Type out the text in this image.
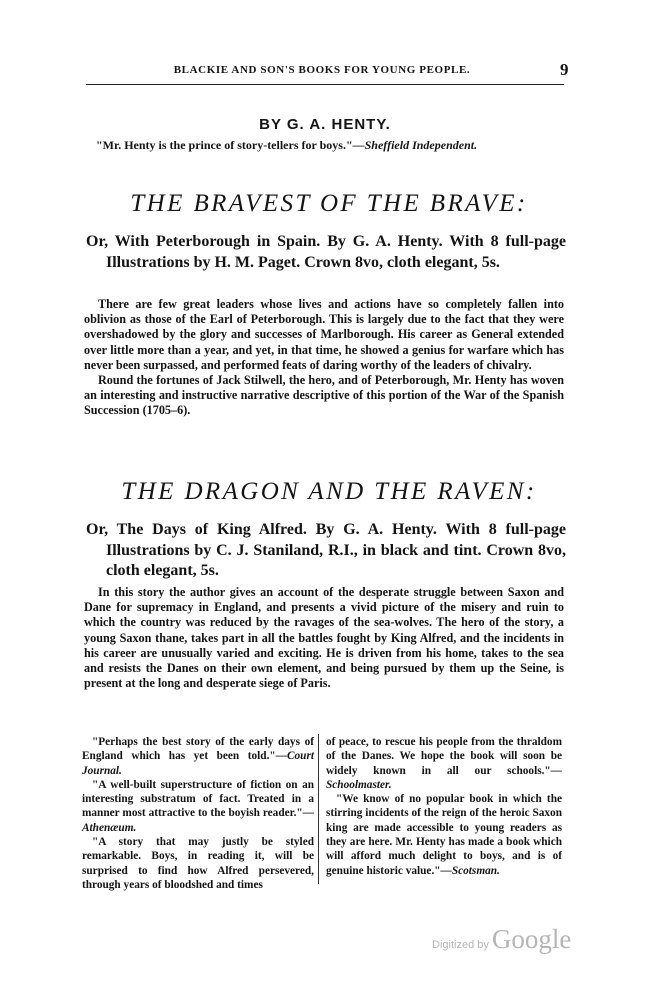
BLACKIE AND SON'S BOOKS FOR YOUNG PEOPLE.	9
BY G. A. HENTY.
"Mr. Henty is the prince of story-tellers for boys."—Sheffield Independent.
THE BRAVEST OF THE BRAVE:
Or, With Peterborough in Spain. By G. A. Henty. With 8 full-page Illustrations by H. M. Paget. Crown 8vo, cloth elegant, 5s.

There are few great leaders whose lives and actions have so completely fallen into oblivion as those of the Earl of Peterborough. This is largely due to the fact that they were overshadowed by the glory and successes of Marlborough. His career as General extended over little more than a year, and yet, in that time, he showed a genius for warfare which has never been surpassed, and performed feats of daring worthy of the leaders of chivalry.

Round the fortunes of Jack Stilwell, the hero, and of Peterborough, Mr. Henty has woven an interesting and instructive narrative descriptive of this portion of the War of the Spanish Succession (1705–6).

THE DRAGON AND THE RAVEN:
Or, The Days of King Alfred. By G. A. Henty. With 8 full-page Illustrations by C. J. Staniland, R.I., in black and tint. Crown 8vo, cloth elegant, 5s.

In this story the author gives an account of the desperate struggle between Saxon and Dane for supremacy in England, and presents a vivid picture of the misery and ruin to which the country was reduced by the ravages of the sea-wolves. The hero of the story, a young Saxon thane, takes part in all the battles fought by King Alfred, and the incidents in his career are unusually varied and exciting. He is driven from his home, takes to the sea and resists the Danes on their own element, and being pursued by them up the Seine, is present at the long and desperate siege of Paris.

"Perhaps the best story of the early days of England which has yet been told."—Court Journal.

"A well-built superstructure of fiction on an interesting substratum of fact. Treated in a manner most attractive to the boyish reader."—Athenæum.

"A story that may justly be styled remarkable. Boys, in reading it, will be surprised to find how Alfred persevered, through years of bloodshed and times

of peace, to rescue his people from the thraldom of the Danes. We hope the book will soon be widely known in all our schools."—Schoolmaster.

"We know of no popular book in which the stirring incidents of the reign of the heroic Saxon king are made accessible to young readers as they are here. Mr. Henty has made a book which will afford much delight to boys, and is of genuine historic value."—Scotsman.

Digitized by Google
